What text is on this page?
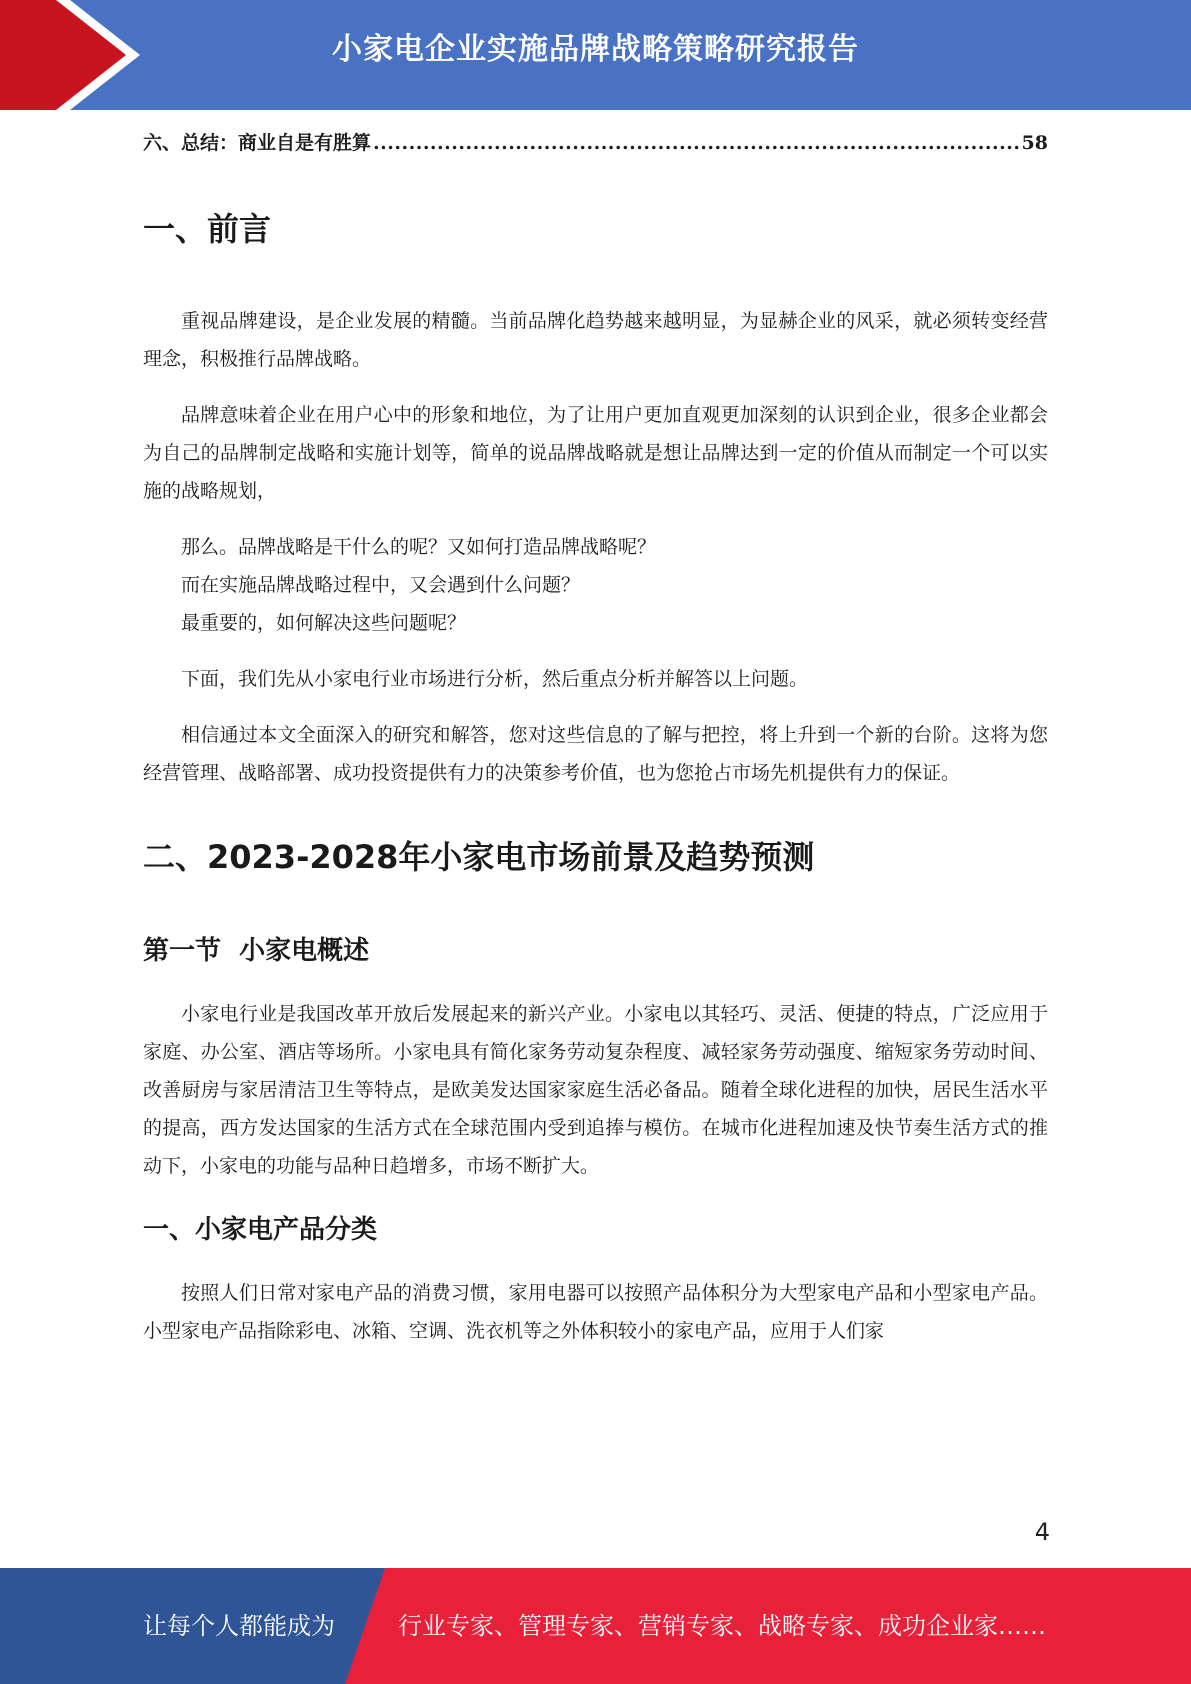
小家电企业实施品牌战略策略研究报告
六、总结：商业自是有胜算
.....	58
一、前言

重视品牌建设，是企业发展的精髓。当前品牌化趋势越来越明显，为显赫企业的风采，就必须转变经营理念，积极推行品牌战略。

品牌意味着企业在用户心中的形象和地位，为了让用户更加直观更加深刻的认识到企业，很多企业都会为自己的品牌制定战略和实施计划等，简单的说品牌战略就是想让品牌达到一定的价值从而制定一个可以实施的战略规划，

那么。品牌战略是干什么的呢？又如何打造品牌战略呢？

而在实施品牌战略过程中，又会遇到什么问题？

最重要的，如何解决这些问题呢？

下面，我们先从小家电行业市场进行分析，然后重点分析并解答以上问题。

相信通过本文全面深入的研究和解答，您对这些信息的了解与把控，将上升到一个新的台阶。这将为您经营管理、战略部署、成功投资提供有力的决策参考价值，也为您抢占市场先机提供有力的保证。

二、2023-2028年小家电市场前景及趋势预测
第一节  小家电概述

小家电行业是我国改革开放后发展起来的新兴产业。小家电以其轻巧、灵活、便捷的特点，广泛应用于家庭、办公室、酒店等场所。小家电具有简化家务劳动复杂程度、减轻家务劳动强度、缩短家务劳动时间、改善厨房与家居清洁卫生等特点，是欧美发达国家家庭生活必备品。随着全球化进程的加快，居民生活水平的提高，西方发达国家的生活方式在全球范围内受到追捧与模仿。在城市化进程加速及快节奏生活方式的推动下，小家电的功能与品种日趋增多，市场不断扩大。

一、小家电产品分类

按照人们日常对家电产品的消费习惯，家用电器可以按照产品体积分为大型家电产品和小型家电产品。小型家电产品指除彩电、冰箱、空调、洗衣机等之外体积较小的家电产品，应用于人们家

4
让每个人都能成为	行业专家、管理专家、营销专家、战略专家、成功企业家……
